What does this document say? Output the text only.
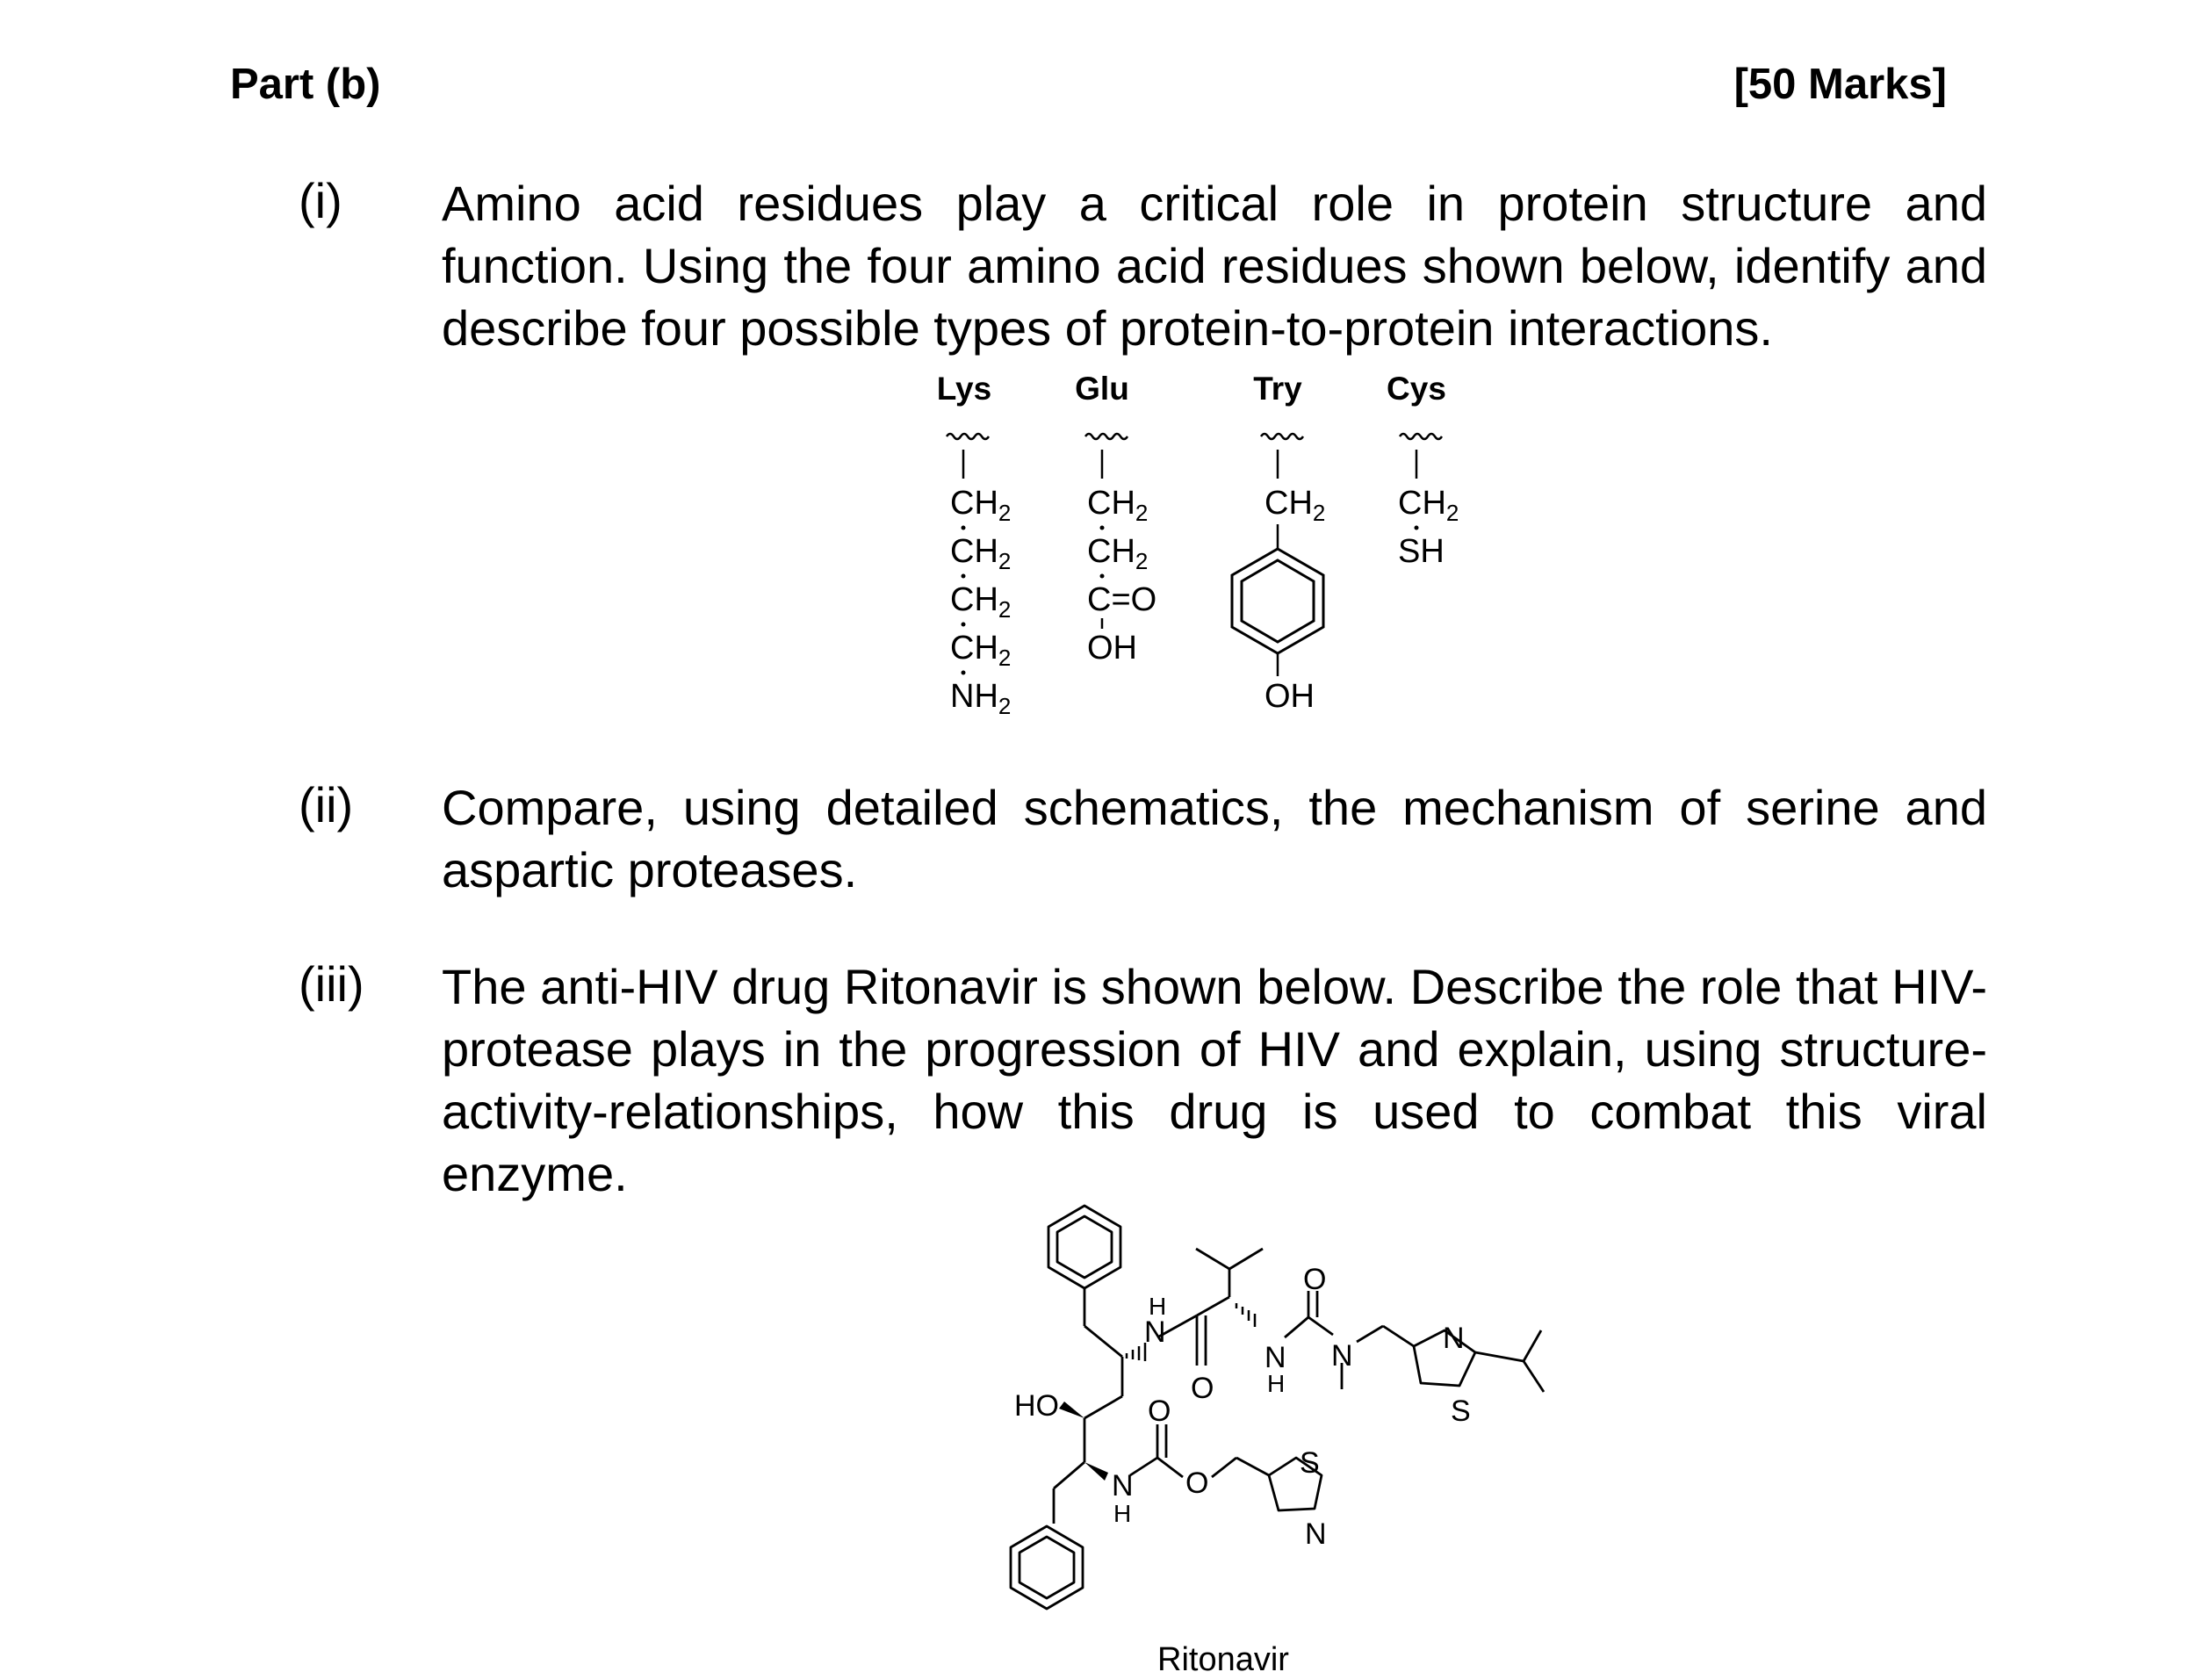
Part (b)	[50 Marks]
(i) Amino acid residues play a critical role in protein structure and function. Using the four amino acid residues shown below, identify and describe four possible types of protein-to-protein interactions.
Lys	Glu	Try	Cys
$CH_2$
$CH_2$
$CH_2$
$CH_2$
$NH_2$
$CH_2$
$CH_2$
C=O
OH
$CH_2$
OH
$CH_2$
SH
(ii) Compare, using detailed schematics, the mechanism of serine and aspartic proteases.
(iii) The anti-HIV drug Ritonavir is shown below. Describe the role that HIV-protease plays in the progression of HIV and explain, using structure-activity-relationships, how this drug is used to combat this viral enzyme.
HO
N
H
O
N
H
O
N
N
S
O
N
H
O
S
N
Ritonavir
